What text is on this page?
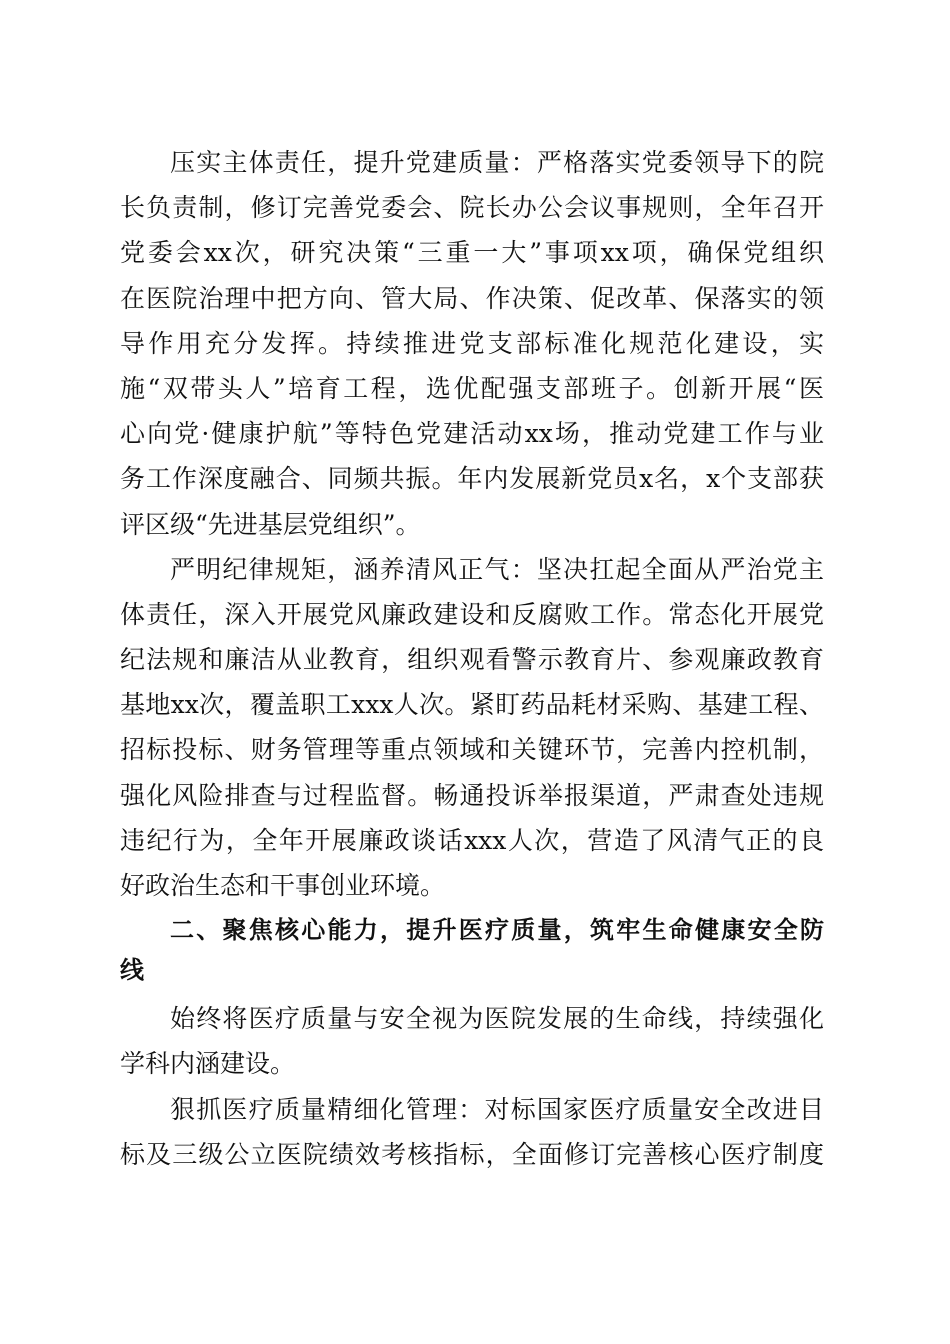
压实主体责任，提升党建质量：严格落实党委领导下的院
长负责制，修订完善党委会、院长办公会议事规则，全年召开
党委会xx次，研究决策“三重一大”事项xx项，确保党组织
在医院治理中把方向、管大局、作决策、促改革、保落实的领
导作用充分发挥。持续推进党支部标准化规范化建设，实
施“双带头人”培育工程，选优配强支部班子。创新开展“医
心向党·健康护航”等特色党建活动xx场，推动党建工作与业
务工作深度融合、同频共振。年内发展新党员x名，x个支部获
评区级“先进基层党组织”。
严明纪律规矩，涵养清风正气：坚决扛起全面从严治党主
体责任，深入开展党风廉政建设和反腐败工作。常态化开展党
纪法规和廉洁从业教育，组织观看警示教育片、参观廉政教育
基地xx次，覆盖职工xxx人次。紧盯药品耗材采购、基建工程、
招标投标、财务管理等重点领域和关键环节，完善内控机制，
强化风险排查与过程监督。畅通投诉举报渠道，严肃查处违规
违纪行为，全年开展廉政谈话xxx人次，营造了风清气正的良
好政治生态和干事创业环境。
二、聚焦核心能力，提升医疗质量，筑牢生命健康安全防
线
始终将医疗质量与安全视为医院发展的生命线，持续强化
学科内涵建设。
狠抓医疗质量精细化管理：对标国家医疗质量安全改进目
标及三级公立医院绩效考核指标，全面修订完善核心医疗制度
